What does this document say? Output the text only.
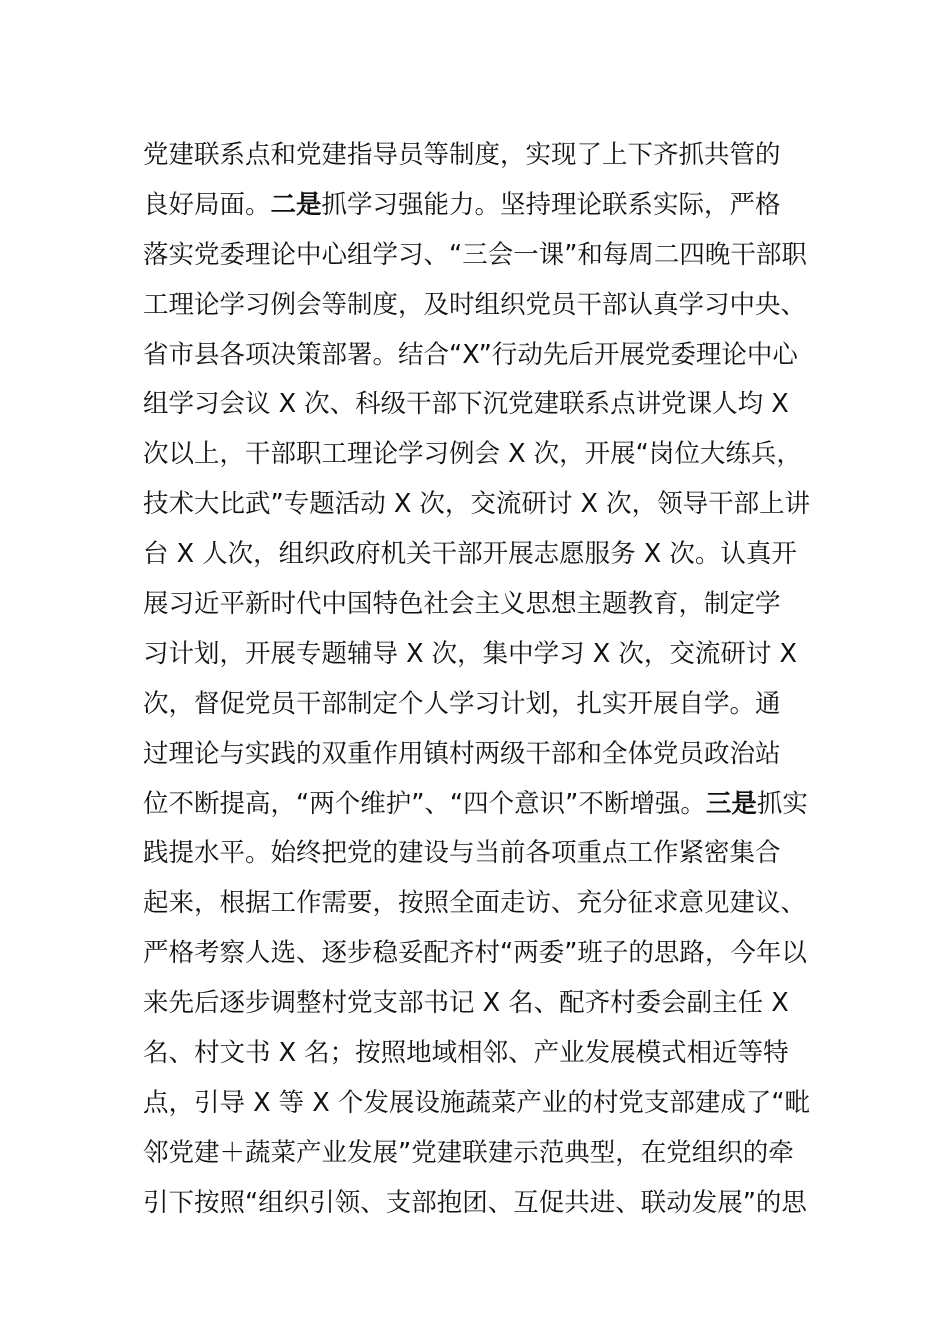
党建联系点和党建指导员等制度，实现了上下齐抓共管的
良好局面。二是抓学习强能力。坚持理论联系实际，严格
落实党委理论中心组学习、“三会一课”和每周二四晚干部职
工理论学习例会等制度，及时组织党员干部认真学习中央、
省市县各项决策部署。结合“X”行动先后开展党委理论中心
组学习会议 X 次、科级干部下沉党建联系点讲党课人均 X
次以上，干部职工理论学习例会 X 次，开展“岗位大练兵，
技术大比武”专题活动 X 次，交流研讨 X 次，领导干部上讲
台 X 人次，组织政府机关干部开展志愿服务 X 次。认真开
展习近平新时代中国特色社会主义思想主题教育，制定学
习计划，开展专题辅导 X 次，集中学习 X 次，交流研讨 X
次，督促党员干部制定个人学习计划，扎实开展自学。通
过理论与实践的双重作用镇村两级干部和全体党员政治站
位不断提高，“两个维护”、“四个意识”不断增强。三是抓实
践提水平。始终把党的建设与当前各项重点工作紧密集合
起来，根据工作需要，按照全面走访、充分征求意见建议、
严格考察人选、逐步稳妥配齐村“两委”班子的思路，今年以
来先后逐步调整村党支部书记 X 名、配齐村委会副主任 X
名、村文书 X 名；按照地域相邻、产业发展模式相近等特
点，引导 X 等 X 个发展设施蔬菜产业的村党支部建成了“毗
邻党建＋蔬菜产业发展”党建联建示范典型，在党组织的牵
引下按照“组织引领、支部抱团、互促共进、联动发展”的思
